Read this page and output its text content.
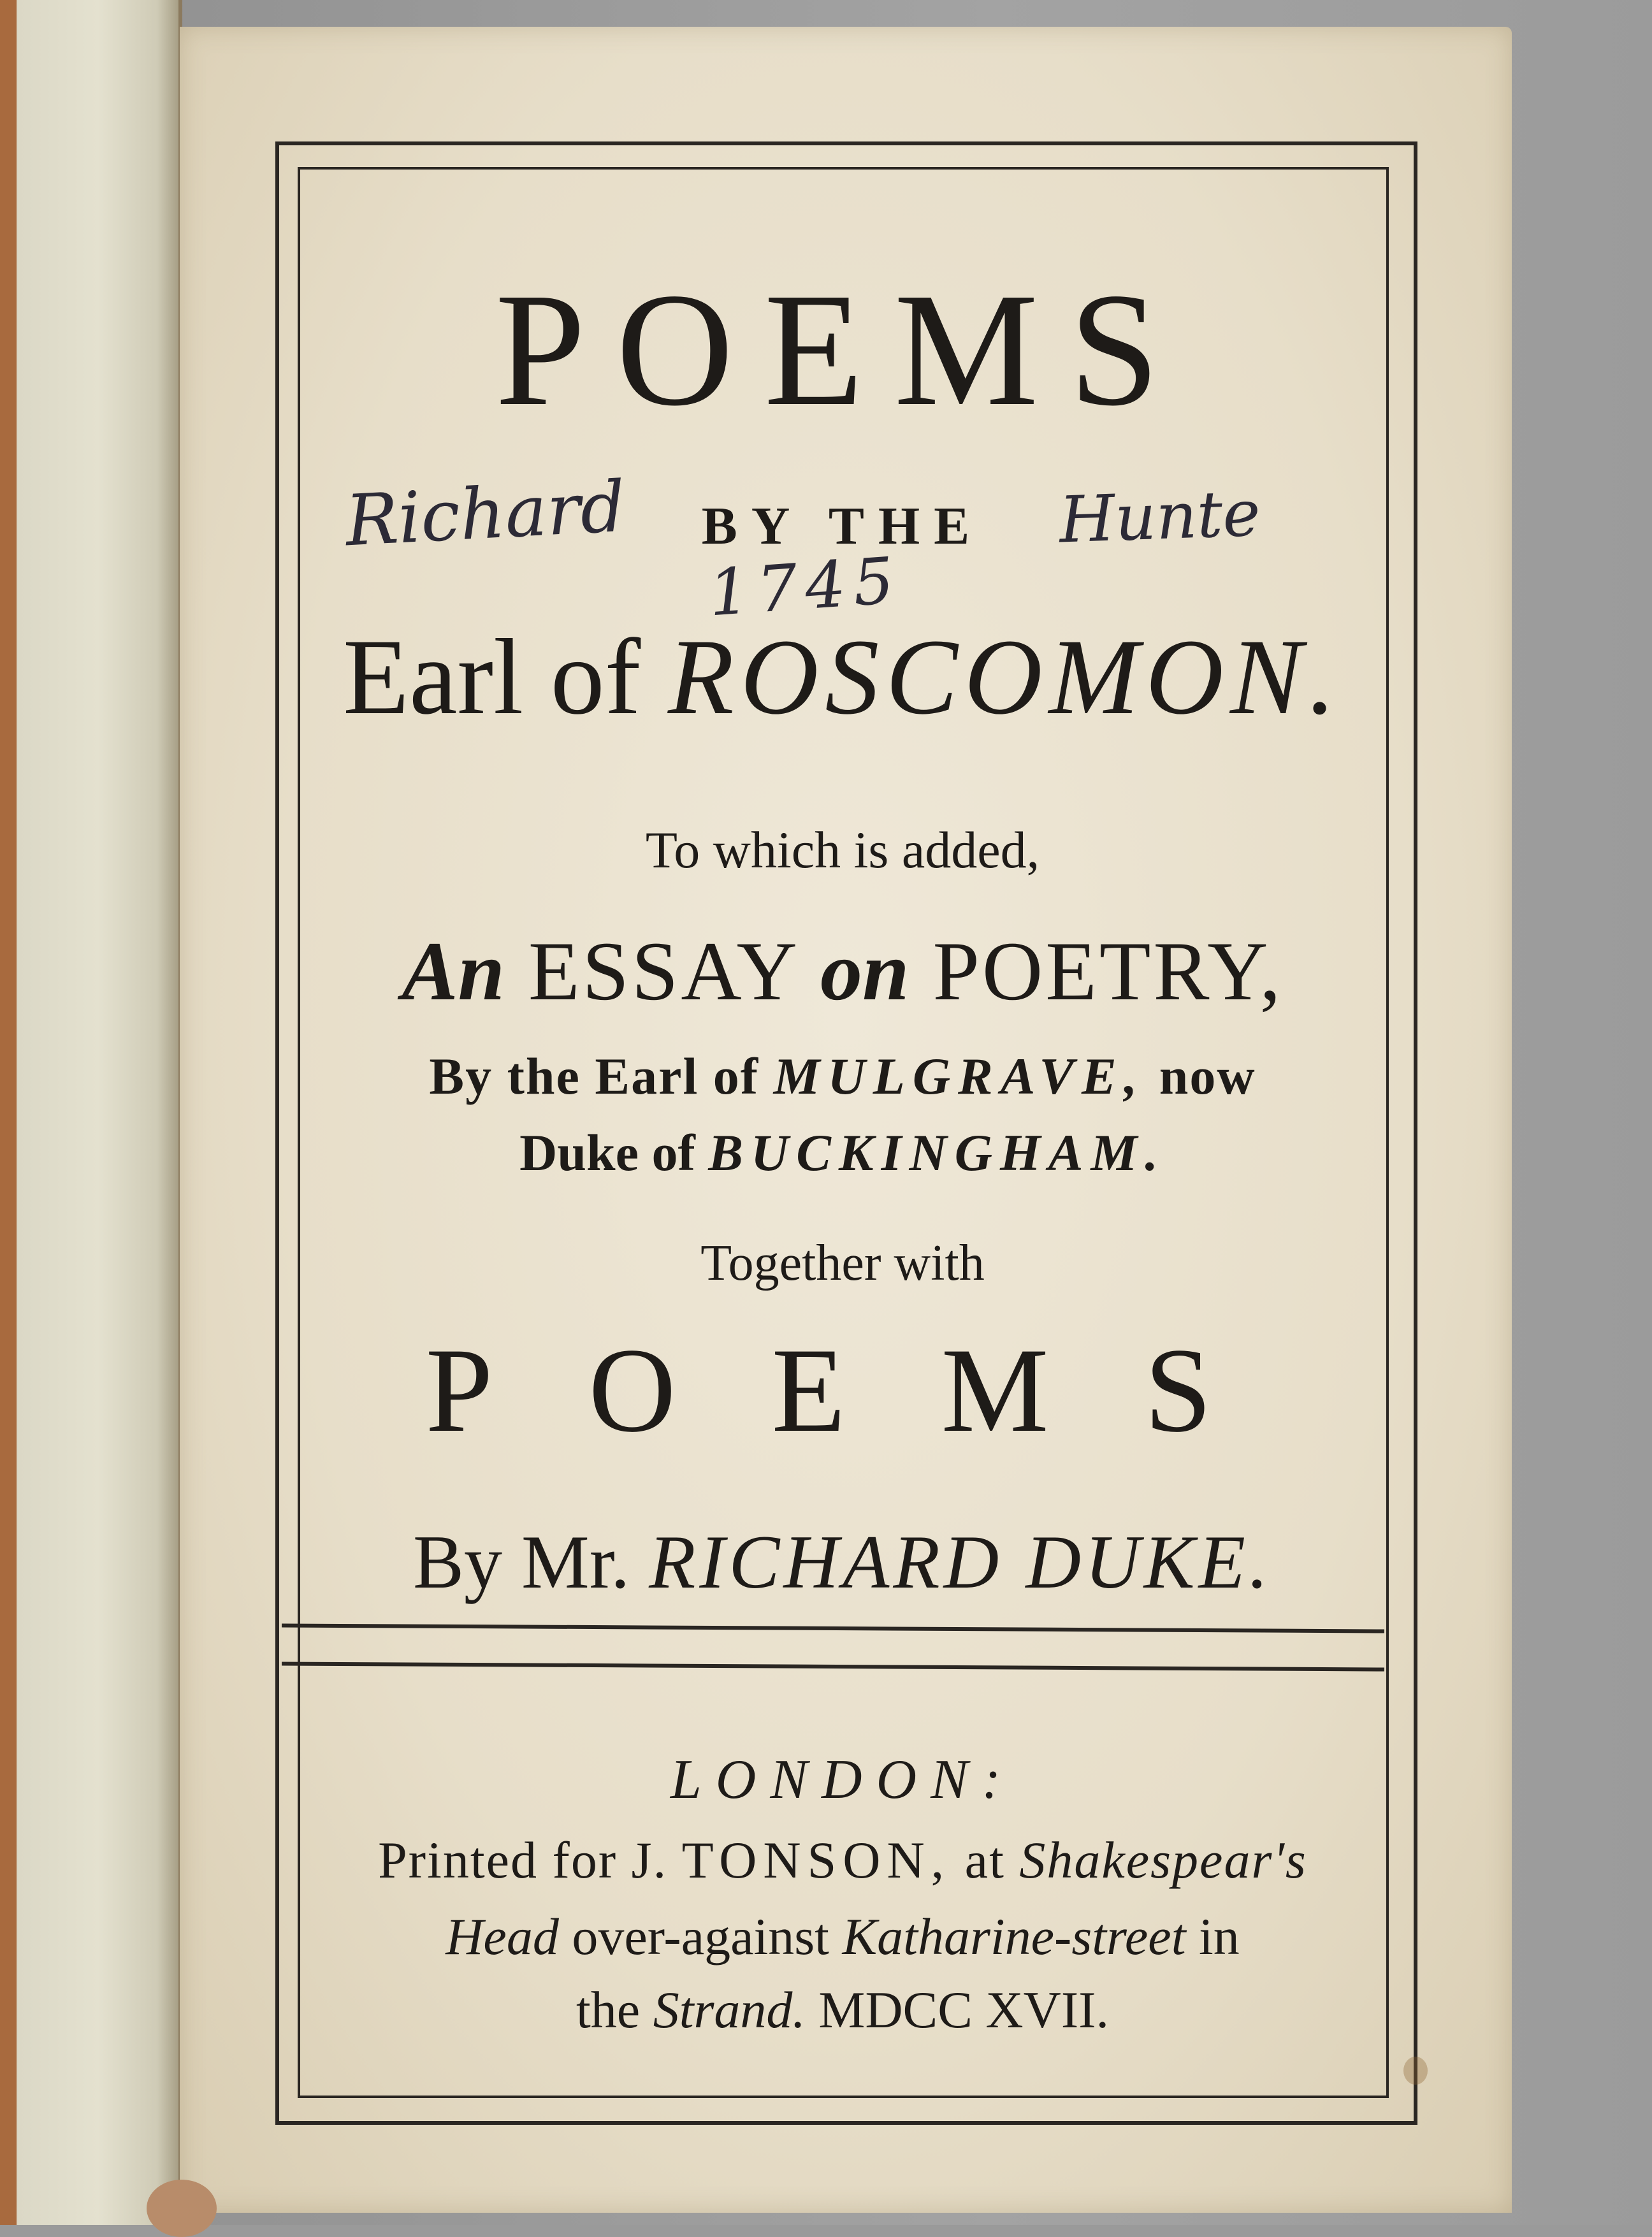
POEMS
Richard	BY THE	Hunte
1745
Earl of ROSCOMON.
To which is added,
An ESSAY on POETRY,
By the Earl of MULGRAVE, now
Duke of BUCKINGHAM.
Together with
POEMS
By Mr. RICHARD DUKE.
LONDON:
Printed for J. TONSON, at Shakespear's
Head over-against Katharine-street in
the Strand. MDCC XVII.
